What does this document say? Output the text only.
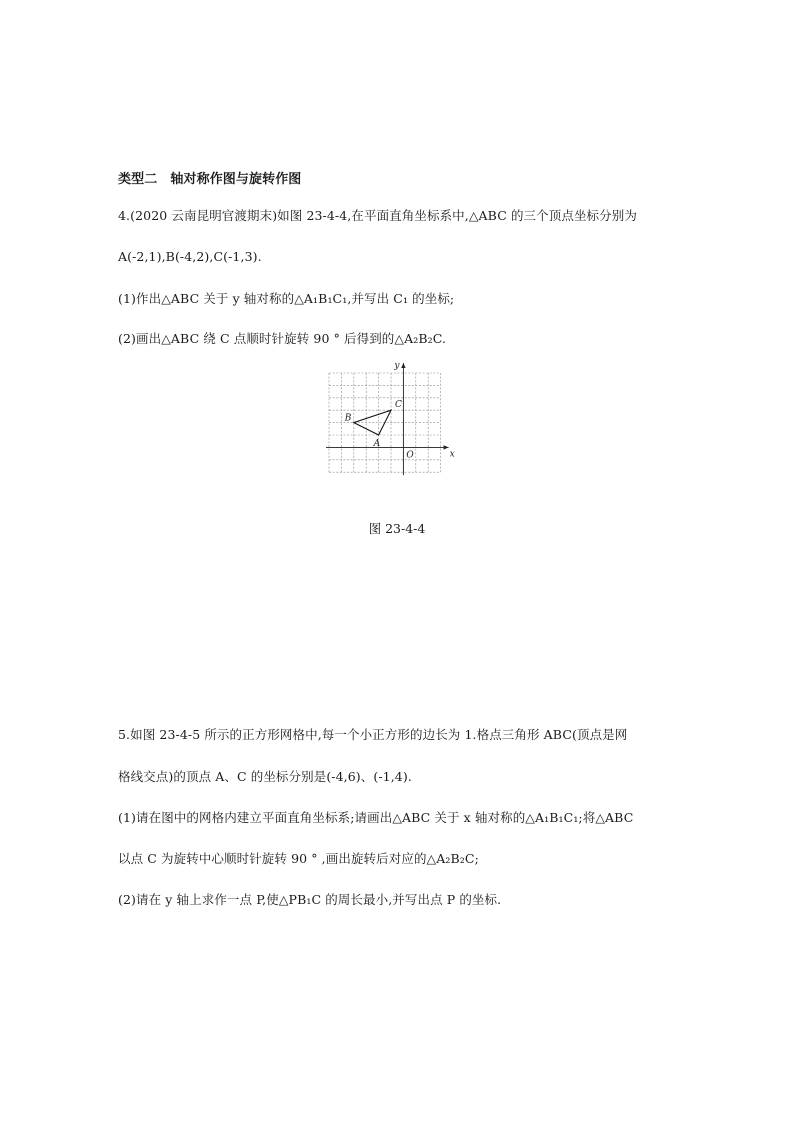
类型二　轴对称作图与旋转作图
4.(2020 云南昆明官渡期末)如图 23-4-4,在平面直角坐标系中,△ABC 的三个顶点坐标分别为
A(-2,1),B(-4,2),C(-1,3).
(1)作出△ABC 关于 y 轴对称的△A₁B₁C₁,并写出 C₁ 的坐标;
(2)画出△ABC 绕 C 点顺时针旋转 90 ° 后得到的△A₂B₂C.
x
y
O
A
B
C
图 23-4-4
5.如图 23-4-5 所示的正方形网格中,每一个小正方形的边长为 1.格点三角形 ABC(顶点是网
格线交点)的顶点 A、C 的坐标分别是(-4,6)、(-1,4).
(1)请在图中的网格内建立平面直角坐标系;请画出△ABC 关于 x 轴对称的△A₁B₁C₁;将△ABC
以点 C 为旋转中心顺时针旋转 90 ° ,画出旋转后对应的△A₂B₂C;
(2)请在 y 轴上求作一点 P,使△PB₁C 的周长最小,并写出点 P 的坐标.
